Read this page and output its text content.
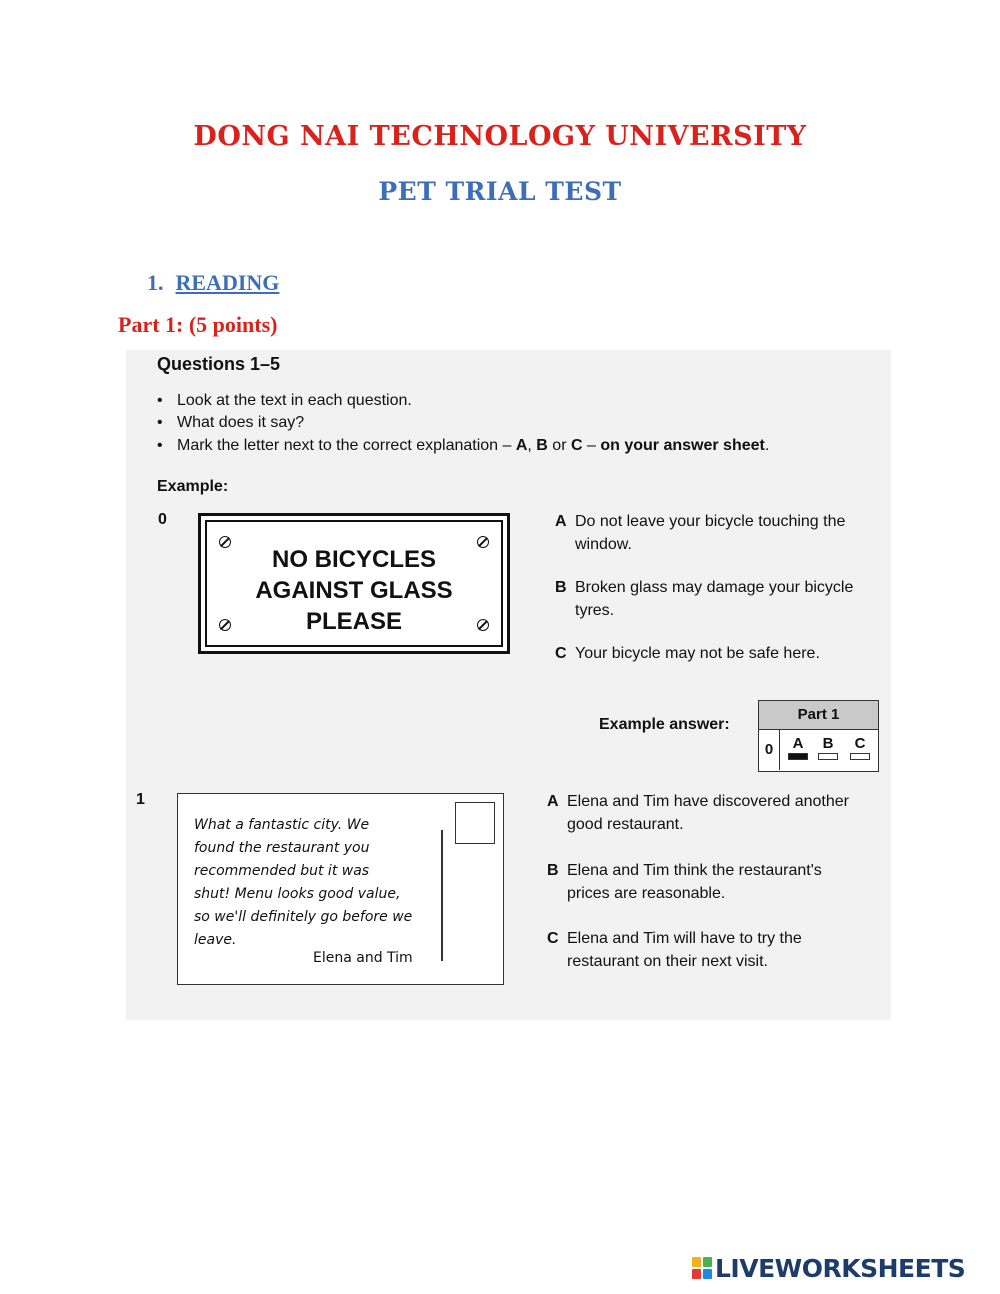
DONG NAI TECHNOLOGY UNIVERSITY
PET TRIAL TEST
1. READING
Part 1: (5 points)
Questions 1–5
• Look at the text in each question.
• What does it say?
• Mark the letter next to the correct explanation – A, B or C – on your answer sheet.
Example:
0
NO BICYCLES
AGAINST GLASS
PLEASE
A Do not leave your bicycle touching the window.
B Broken glass may damage your bicycle tyres.
C Your bicycle may not be safe here.
Example answer:
Part 1
0	A	B	C
1
What a fantastic city. We
found the restaurant you
recommended but it was
shut! Menu looks good value,
so we'll definitely go before we
leave.
Elena and Tim
A Elena and Tim have discovered another good restaurant.
B Elena and Tim think the restaurant's prices are reasonable.
C Elena and Tim will have to try the restaurant on their next visit.
LIVEWORKSHEETS
